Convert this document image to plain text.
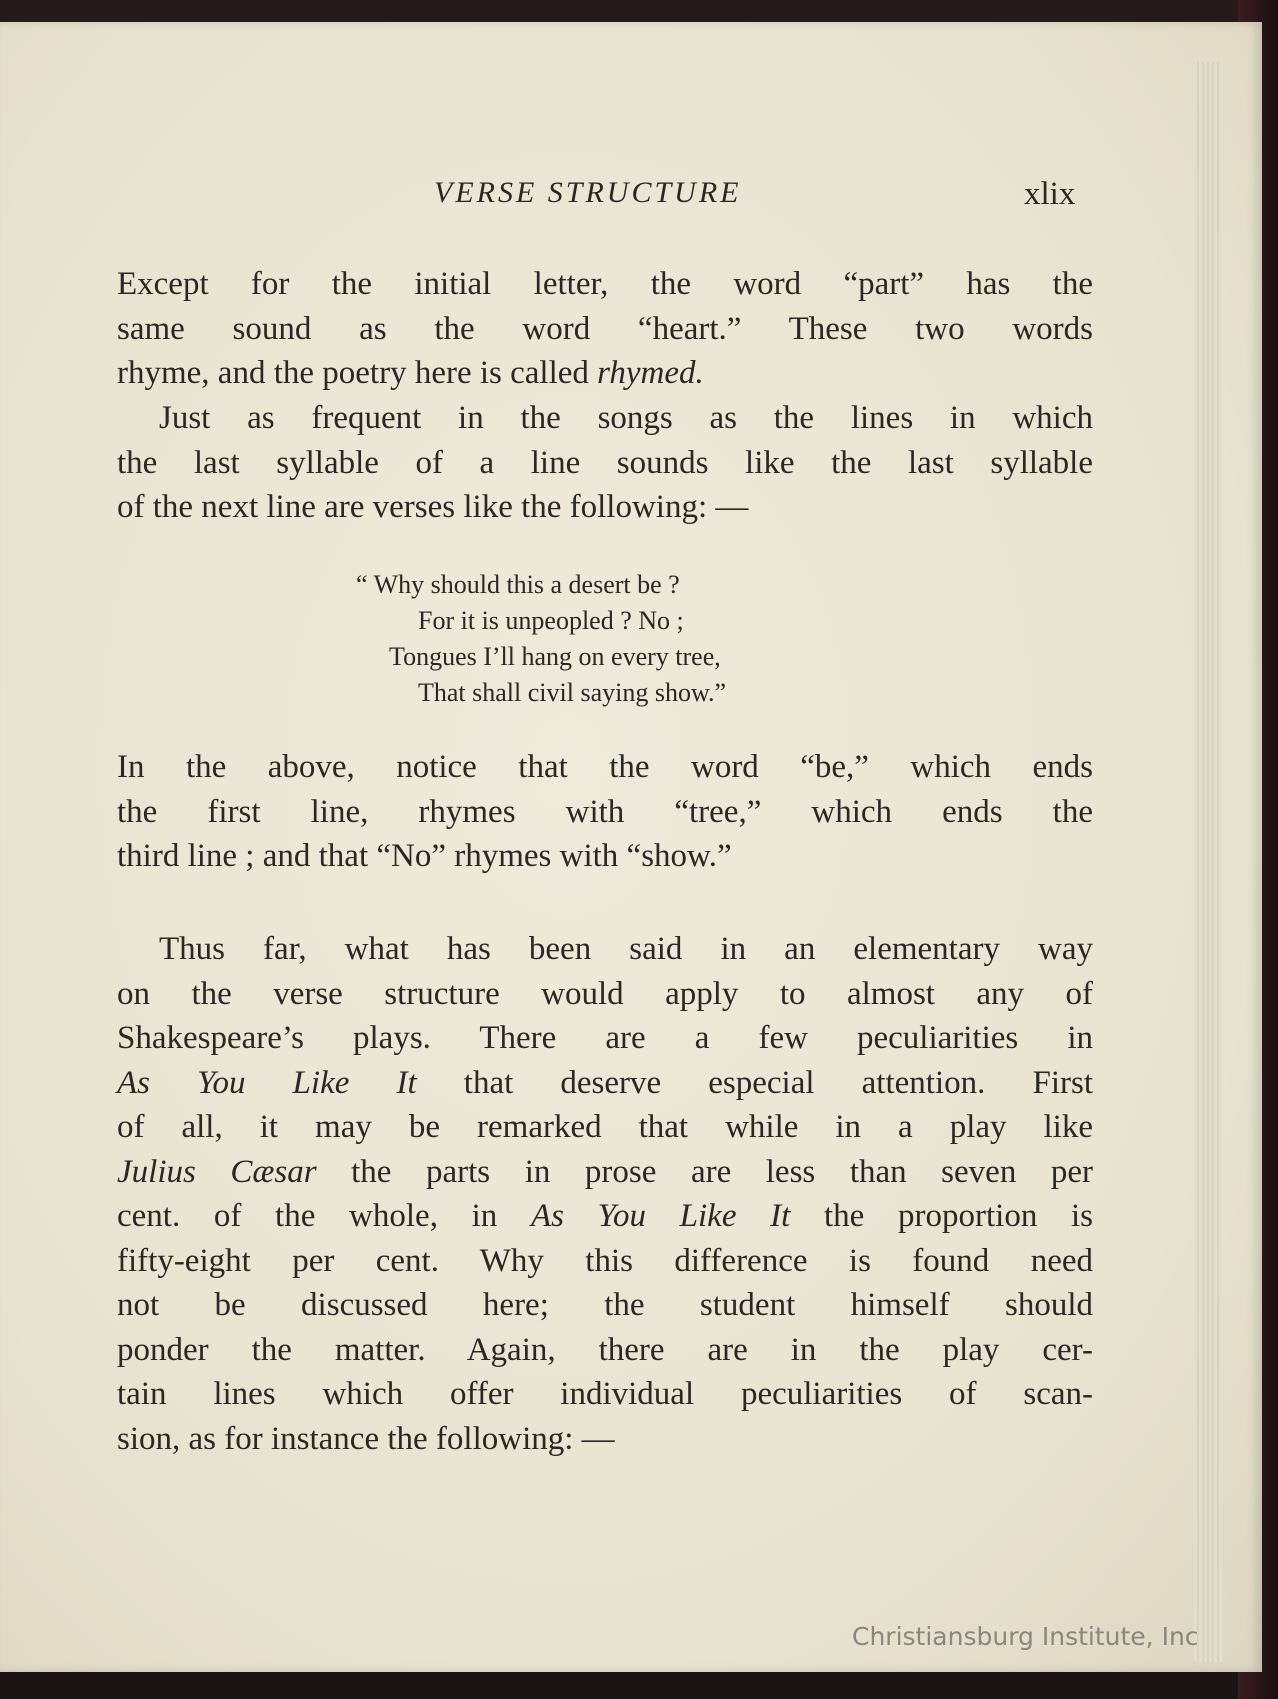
VERSE STRUCTURE	xlix
Except for the initial letter, the word “part” has the
same sound as the word “heart.” These two words
rhyme, and the poetry here is called rhymed.
Just as frequent in the songs as the lines in which
the last syllable of a line sounds like the last syllable
of the next line are verses like the following: —
“ Why should this a desert be ?
For it is unpeopled ? No ;
Tongues I’ll hang on every tree,
That shall civil saying show.”
In the above, notice that the word “be,” which ends
the first line, rhymes with “tree,” which ends the
third line ; and that “No” rhymes with “show.”
Thus far, what has been said in an elementary way
on the verse structure would apply to almost any of
Shakespeare’s plays. There are a few peculiarities in
As You Like It that deserve especial attention. First
of all, it may be remarked that while in a play like
Julius Cæsar the parts in prose are less than seven per
cent. of the whole, in As You Like It the proportion is
fifty-eight per cent. Why this difference is found need
not be discussed here; the student himself should
ponder the matter. Again, there are in the play cer-
tain lines which offer individual peculiarities of scan-
sion, as for instance the following: —
Christiansburg Institute, Inc
